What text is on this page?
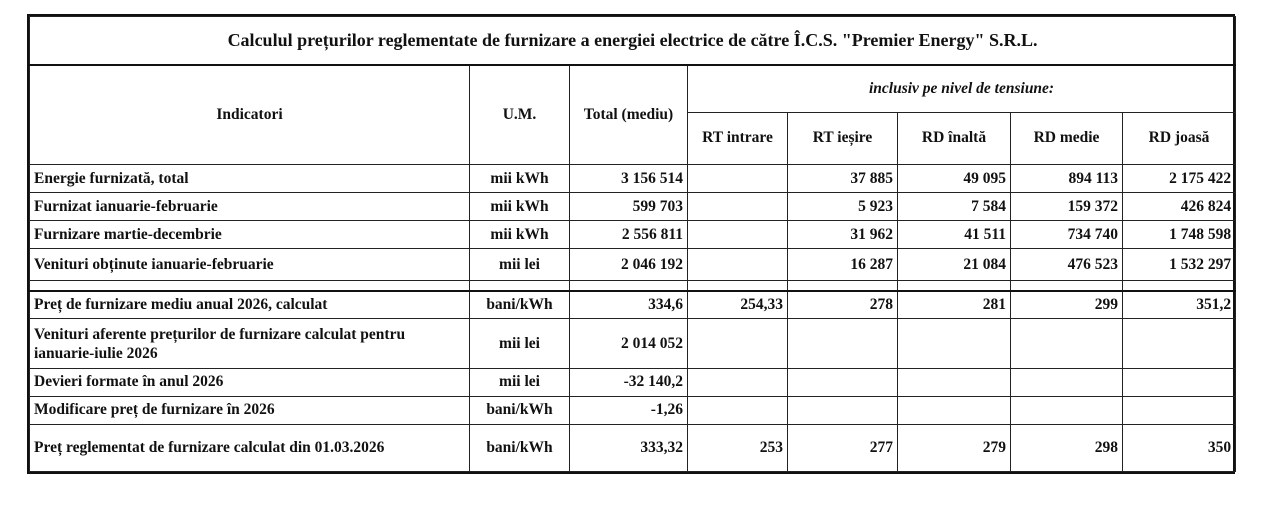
Calculul prețurilor reglementate de furnizare a energiei electrice de către Î.C.S. "Premier Energy" S.R.L.							
Indicatori	U.M.	Total (mediu)	inclusiv pe nivel de tensiune:				
			RT intrare	RT ieșire	RD înaltă	RD medie	RD joasă
Energie furnizată, total	mii kWh	3 156 514		37 885	49 095	894 113	2 175 422
Furnizat ianuarie-februarie	mii kWh	599 703		5 923	7 584	159 372	426 824
Furnizare martie-decembrie	mii kWh	2 556 811		31 962	41 511	734 740	1 748 598
Venituri obținute ianuarie-februarie	mii lei	2 046 192		16 287	21 084	476 523	1 532 297

Preț de furnizare mediu anual 2026, calculat	bani/kWh	334,6	254,33	278	281	299	351,2
Venituri aferente prețurilor de furnizare calculat pentru ianuarie-iulie 2026	mii lei	2 014 052					
Devieri formate în anul 2026	mii lei	-32 140,2					
Modificare preț de furnizare în 2026	bani/kWh	-1,26					
Preț reglementat de furnizare calculat din 01.03.2026	bani/kWh	333,32	253	277	279	298	350
